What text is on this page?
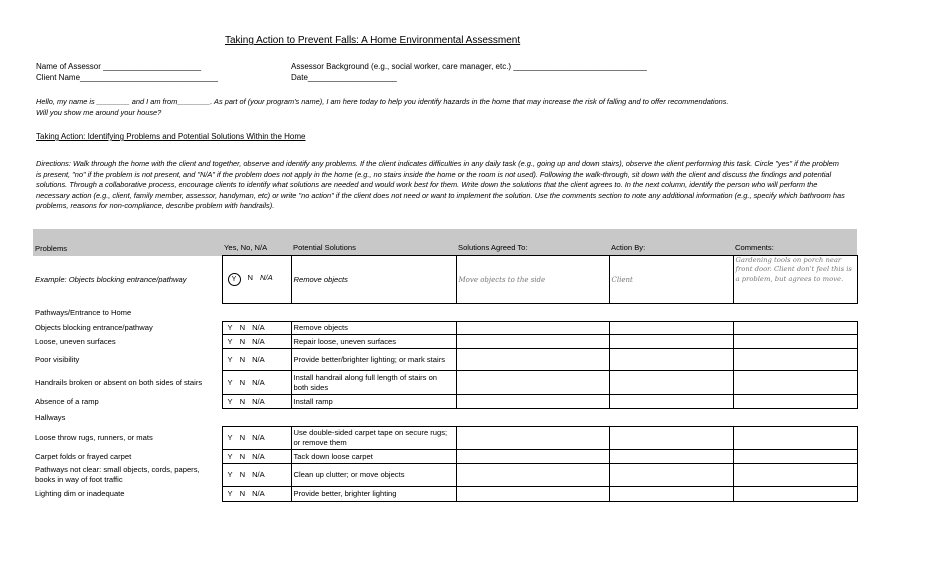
Taking Action to Prevent Falls: A Home Environmental Assessment
Name of Assessor ______________________
Client Name_______________________________
Assessor Background (e.g., social worker, care manager, etc.) ______________________________
Date____________________
Hello, my name is ________ and I am from________. As part of (your program's name), I am here today to help you identify hazards in the home that may increase the risk of falling and to offer recommendations.
Will you show me around your house?
Taking Action: Identifying Problems and Potential Solutions Within the Home
Directions: Walk through the home with the client and together, observe and identify any problems. If the client indicates difficulties in any daily task (e.g., going up and down stairs), observe the client performing this task. Circle "yes" if the problem is present, "no" if the problem is not present, and "N/A" if the problem does not apply in the home (e.g., no stairs inside the home or the room is not used). Following the walk-through, sit down with the client and discuss the findings and potential solutions. Through a collaborative process, encourage clients to identify what solutions are needed and would work best for them. Write down the solutions that the client agrees to. In the next column, identify the person who will perform the necessary action (e.g., client, family member, assessor, handyman, etc) or write "no action" if the client does not need or want to implement the solution. Use the comments section to note any additional information (e.g., specify which bathroom has problems, reasons for non-compliance, describe problem with handrails).
Problems	Yes, No, N/A	Potential Solutions	Solutions Agreed To:	Action By:	Comments:
Example: Objects blocking entrance/pathway	Y N N/A	Remove objects	Move objects to the side	Client	Gardening tools on porch near front door. Client don't feel this is a problem, but agrees to move.
Pathways/Entrance to Home					
Objects blocking entrance/pathway	Y N N/A	Remove objects			
Loose, uneven surfaces	Y N N/A	Repair loose, uneven surfaces			
Poor visibility	Y N N/A	Provide better/brighter lighting; or mark stairs			
Handrails broken or absent on both sides of stairs	Y N N/A	Install handrail along full length of stairs on both sides			
Absence of a ramp	Y N N/A	Install ramp			
Hallways					
Loose throw rugs, runners, or mats	Y N N/A	Use double-sided carpet tape on secure rugs; or remove them			
Carpet folds or frayed carpet	Y N N/A	Tack down loose carpet			
Pathways not clear: small objects, cords, papers, books in way of foot traffic	Y N N/A	Clean up clutter; or move objects			
Lighting dim or inadequate	Y N N/A	Provide better, brighter lighting			
